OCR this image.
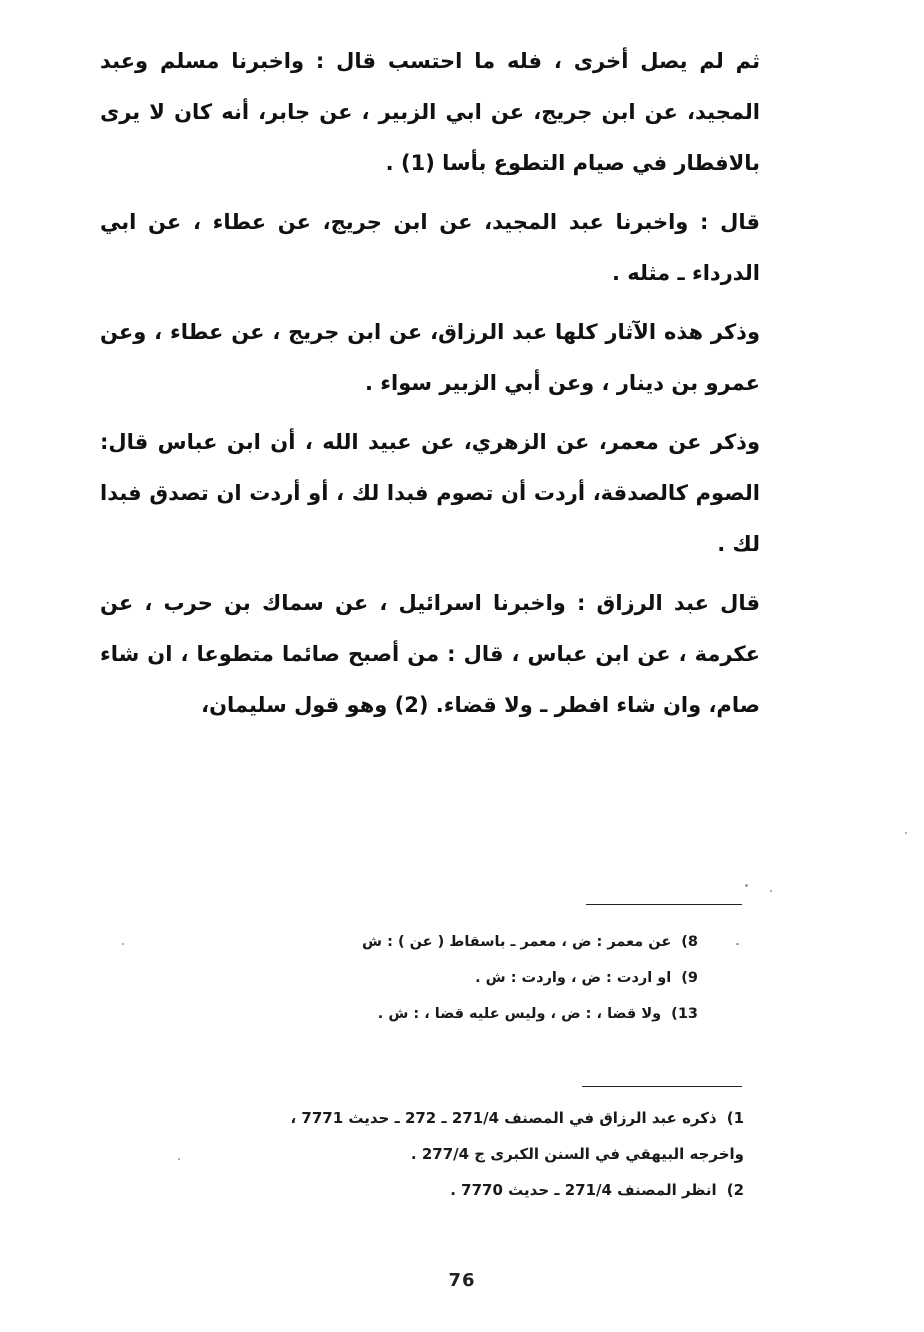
ثم لم يصل أخرى ، فله ما احتسب قال : واخبرنا مسلم وعبد المجيد، عن ابن جريج، عن ابي الزبير ، عن جابر، أنه كان لا يرى بالافطار في صيام التطوع بأسا (1) .

قال : واخبرنا عبد المجيد، عن ابن جريج، عن عطاء ، عن ابي الدرداء ـ مثله .

وذكر هذه الآثار كلها عبد الرزاق، عن ابن جريج ، عن عطاء ، وعن عمرو بن دينار ، وعن أبي الزبير سواء .

وذكر عن معمر، عن الزهري، عن عبيد الله ، أن ابن عباس قال: الصوم كالصدقة، أردت أن تصوم فبدا لك ، أو أردت ان تصدق فبدا لك .

قال عبد الرزاق : واخبرنا اسرائيل ، عن سماك بن حرب ، عن عكرمة ، عن ابن عباس ، قال : من أصبح صائما متطوعا ، ان شاء صام، وان شاء افطر ـ ولا قضاء. (2) وهو قول سليمان،

8)عن معمر : ض ، معمر ـ باسقاط ( عن ) : ش
9)او اردت : ض ، واردت : ش .
13)ولا قضا ، : ض ، وليس عليه قضا ، : ش .
1)ذكره عبد الرزاق في المصنف 271/4 ـ 272 ـ حديث 7771 ،
واخرجه البيهقي في السنن الكبرى ج 277/4 .
2)انظر المصنف 271/4 ـ حديث 7770 .
76
